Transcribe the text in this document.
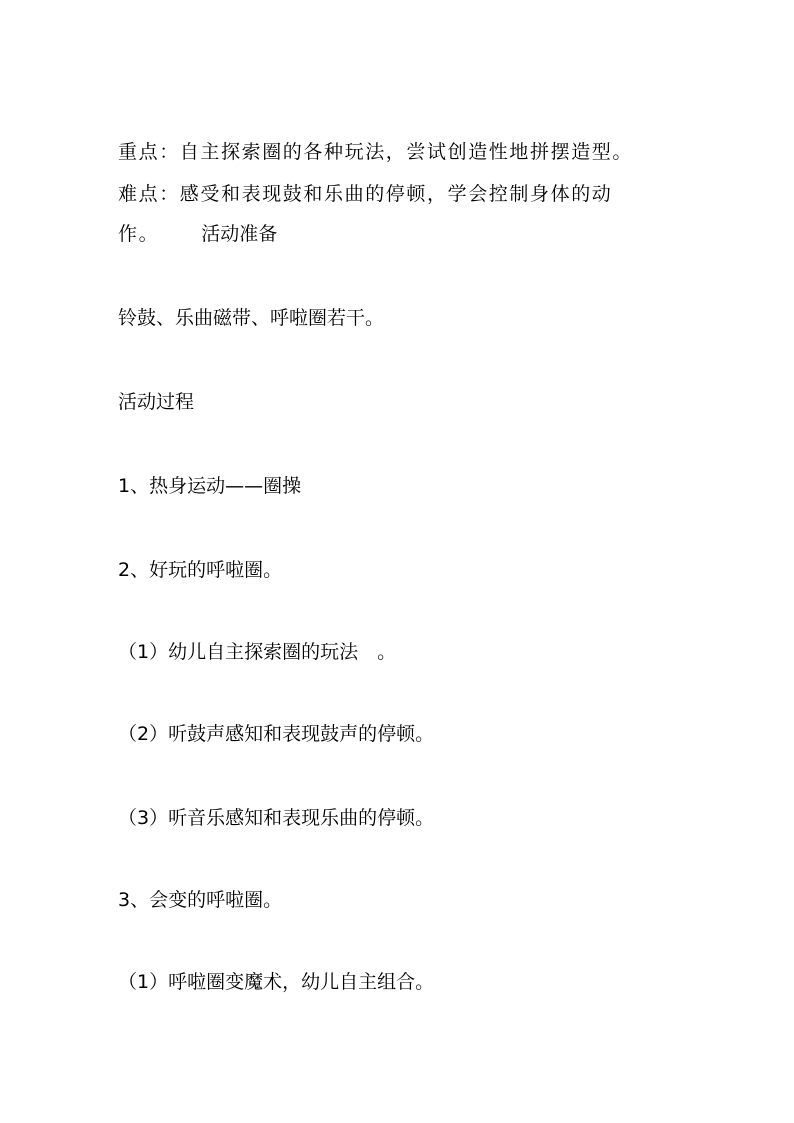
重点：自主探索圈的各种玩法，尝试创造性地拼摆造型。
难点：感受和表现鼓和乐曲的停顿，学会控制身体的动
作。 活动准备
铃鼓、乐曲磁带、呼啦圈若干。
活动过程
1、热身运动——圈操
2、好玩的呼啦圈。
（1）幼儿自主探索圈的玩法　。
（2）听鼓声感知和表现鼓声的停顿。
（3）听音乐感知和表现乐曲的停顿。
3、会变的呼啦圈。
（1）呼啦圈变魔术，幼儿自主组合。
